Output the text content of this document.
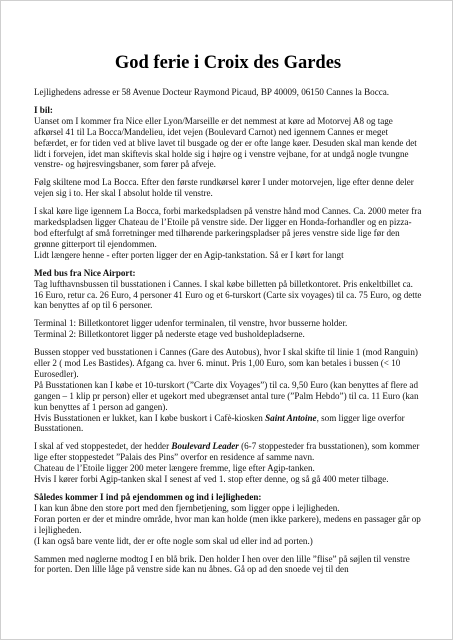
God ferie i Croix des Gardes

Lejlighedens adresse er 58 Avenue Docteur Raymond Picaud, BP 40009, 06150 Cannes la Bocca.

I bil:

Uanset om I kommer fra Nice eller Lyon/Marseille er det nemmest at køre ad Motorvej A8 og tage afkørsel 41 til La Bocca/Mandelieu, idet vejen (Boulevard Carnot) ned igennem Cannes er meget befærdet, er for tiden ved at blive lavet til busgade og der er ofte lange køer. Desuden skal man kende det lidt i forvejen, idet man skiftevis skal holde sig i højre og i venstre vejbane, for at undgå nogle tvungne venstre- og højresvingsbaner, som fører på afveje.

Følg skiltene mod La Bocca. Efter den første rundkørsel kører I under motorvejen, lige efter denne deler vejen sig i to. Her skal I absolut holde til venstre.

I skal køre lige igennem La Bocca, forbi markedspladsen på venstre hånd mod Cannes. Ca. 2000 meter fra markedspladsen ligger Chateau de l’Etoile på venstre side. Der ligger en Honda-forhandler og en pizza-bod efterfulgt af små forretninger med tilhørende parkeringspladser på jeres venstre side lige før den grønne gitterport til ejendommen.

Lidt længere henne - efter porten ligger der en Agip-tankstation. Så er I kørt for langt

Med bus fra Nice Airport:

Tag lufthavnsbussen til busstationen i Cannes. I skal købe billetten på billetkontoret. Pris enkeltbillet ca. 16 Euro, retur ca. 26 Euro, 4 personer 41 Euro og et 6-turskort (Carte six voyages) til ca. 75 Euro, og dette kan benyttes af op til 6 personer.

Terminal 1: Billetkontoret ligger udenfor terminalen, til venstre, hvor busserne holder.

Terminal 2: Billetkontoret ligger på nederste etage ved busholdepladserne.

Bussen stopper ved busstationen i Cannes (Gare des Autobus), hvor I skal skifte til linie 1 (mod Ranguin) eller 2 ( mod Les Bastides). Afgang ca. hver 6. minut. Pris 1,00 Euro, som kan betales i bussen (< 10 Eurosedler).

På Busstationen kan I købe et 10-turskort (”Carte dix Voyages”) til ca. 9,50 Euro (kan benyttes af flere ad gangen – 1 klip pr person) eller et ugekort med ubegrænset antal ture (”Palm Hebdo”) til ca. 11 Euro (kan kun benyttes af 1 person ad gangen).

Hvis Busstationen er lukket, kan I købe buskort i Cafè-kiosken Saint Antoine, som ligger lige overfor Busstationen.

I skal af ved stoppestedet, der hedder Boulevard Leader (6-7 stoppesteder fra busstationen), som kommer lige efter stoppestedet ”Palais des Pins” overfor en residence af samme navn.

Chateau de l’Etoile ligger 200 meter længere fremme, lige efter Agip-tanken.

Hvis I kører forbi Agip-tanken skal I senest af ved 1. stop efter denne, og så gå 400 meter tilbage.

Således kommer I ind på ejendommen og ind i lejligheden:

I kan kun åbne den store port med den fjernbetjening, som ligger oppe i lejligheden.

Foran porten er der et mindre område, hvor man kan holde (men ikke parkere), medens en passager går op i lejligheden.

(I kan også bare vente lidt, der er ofte nogle som skal ud eller ind ad porten.)

Sammen med nøglerne modtog I en blå brik. Den holder I hen over den lille ”flise” på søjlen til venstre for porten. Den lille låge på venstre side kan nu åbnes. Gå op ad den snoede vej til den
